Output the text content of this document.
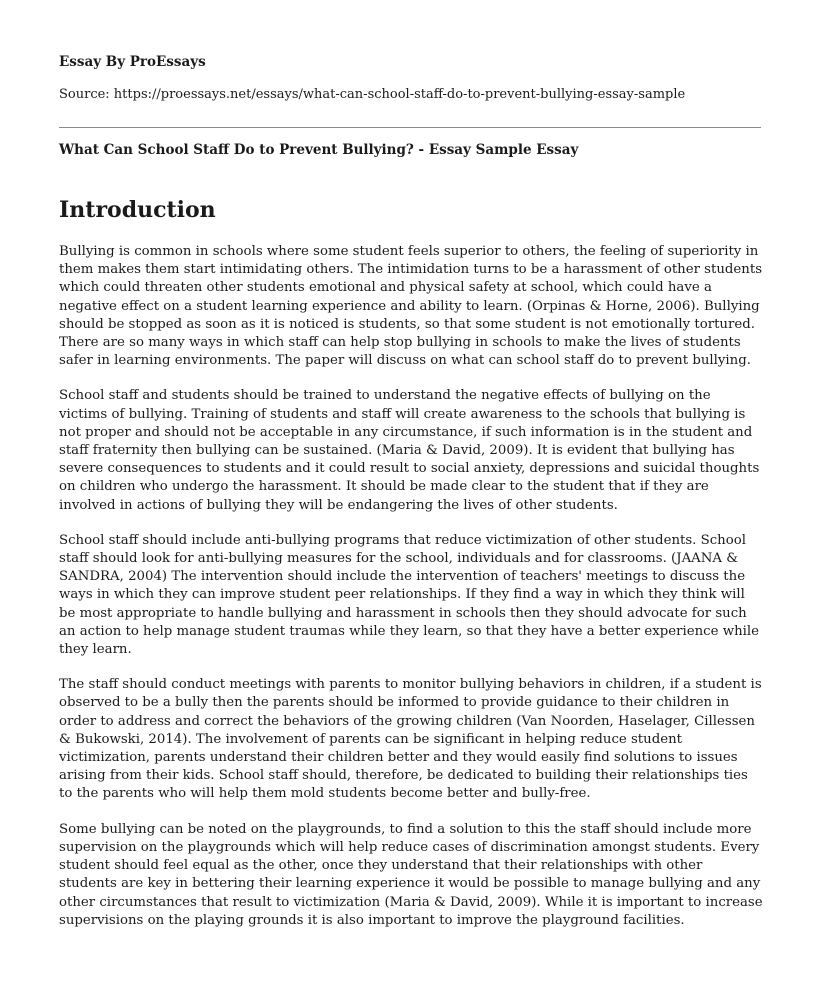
Essay By ProEssays
Source: https://proessays.net/essays/what-can-school-staff-do-to-prevent-bullying-essay-sample
What Can School Staff Do to Prevent Bullying? - Essay Sample Essay
Introduction

Bullying is common in schools where some student feels superior to others, the feeling of superiority in them makes them start intimidating others. The intimidation turns to be a harassment of other students which could threaten other students emotional and physical safety at school, which could have a negative effect on a student learning experience and ability to learn. (Orpinas & Horne, 2006). Bullying should be stopped as soon as it is noticed is students, so that some student is not emotionally tortured. There are so many ways in which staff can help stop bullying in schools to make the lives of students safer in learning environments. The paper will discuss on what can school staff do to prevent bullying.

School staff and students should be trained to understand the negative effects of bullying on the victims of bullying. Training of students and staff will create awareness to the schools that bullying is not proper and should not be acceptable in any circumstance, if such information is in the student and staff fraternity then bullying can be sustained. (Maria & David, 2009). It is evident that bullying has severe consequences to students and it could result to social anxiety, depressions and suicidal thoughts on children who undergo the harassment. It should be made clear to the student that if they are involved in actions of bullying they will be endangering the lives of other students.

School staff should include anti-bullying programs that reduce victimization of other students. School staff should look for anti-bullying measures for the school, individuals and for classrooms. (JAANA & SANDRA, 2004) The intervention should include the intervention of teachers' meetings to discuss the ways in which they can improve student peer relationships. If they find a way in which they think will be most appropriate to handle bullying and harassment in schools then they should advocate for such an action to help manage student traumas while they learn, so that they have a better experience while they learn.

The staff should conduct meetings with parents to monitor bullying behaviors in children, if a student is observed to be a bully then the parents should be informed to provide guidance to their children in order to address and correct the behaviors of the growing children (Van Noorden, Haselager, Cillessen & Bukowski, 2014). The involvement of parents can be significant in helping reduce student victimization, parents understand their children better and they would easily find solutions to issues arising from their kids. School staff should, therefore, be dedicated to building their relationships ties to the parents who will help them mold students become better and bully-free.

Some bullying can be noted on the playgrounds, to find a solution to this the staff should include more supervision on the playgrounds which will help reduce cases of discrimination amongst students. Every student should feel equal as the other, once they understand that their relationships with other students are key in bettering their learning experience it would be possible to manage bullying and any other circumstances that result to victimization (Maria & David, 2009). While it is important to increase supervisions on the playing grounds it is also important to improve the playground facilities.
